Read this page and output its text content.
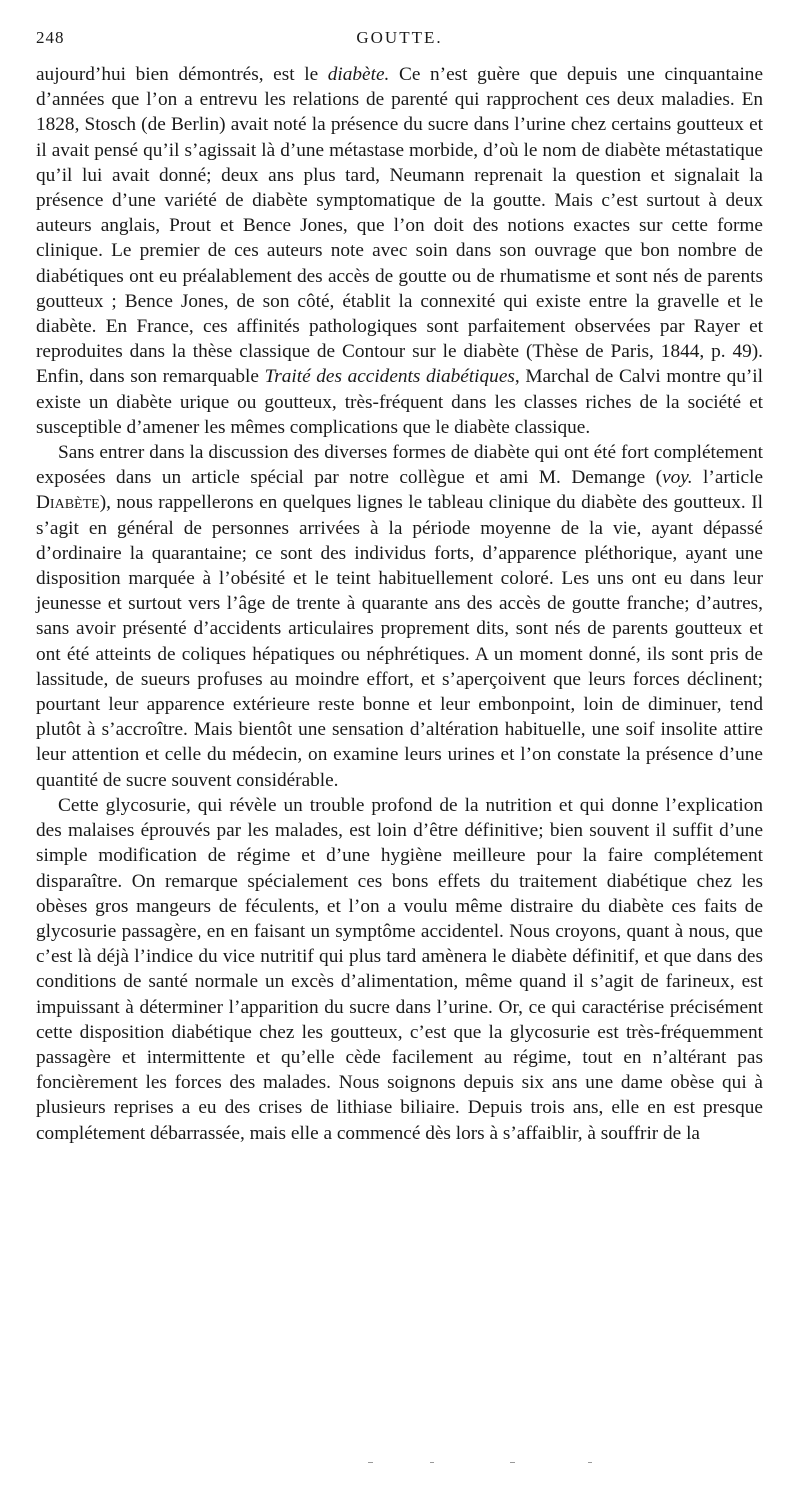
248	GOUTTE.

aujourd’hui bien démontrés, est le diabète. Ce n’est guère que depuis une cinquantaine d’années que l’on a entrevu les relations de parenté qui rapprochent ces deux maladies. En 1828, Stosch (de Berlin) avait noté la présence du sucre dans l’urine chez certains goutteux et il avait pensé qu’il s’agissait là d’une métastase morbide, d’où le nom de diabète métastatique qu’il lui avait donné; deux ans plus tard, Neumann reprenait la question et signalait la présence d’une variété de diabète symptomatique de la goutte. Mais c’est surtout à deux auteurs anglais, Prout et Bence Jones, que l’on doit des notions exactes sur cette forme clinique. Le premier de ces auteurs note avec soin dans son ouvrage que bon nombre de diabétiques ont eu préalablement des accès de goutte ou de rhumatisme et sont nés de parents goutteux ; Bence Jones, de son côté, établit la connexité qui existe entre la gravelle et le diabète. En France, ces affinités pathologiques sont parfaitement observées par Rayer et reproduites dans la thèse classique de Contour sur le diabète (Thèse de Paris, 1844, p. 49). Enfin, dans son remarquable Traité des accidents diabétiques, Marchal de Calvi montre qu’il existe un diabète urique ou goutteux, très-fréquent dans les classes riches de la société et susceptible d’amener les mêmes complications que le diabète classique.

Sans entrer dans la discussion des diverses formes de diabète qui ont été fort complétement exposées dans un article spécial par notre collègue et ami M. Demange (voy. l’article Diabète), nous rappellerons en quelques lignes le tableau clinique du diabète des goutteux. Il s’agit en général de personnes arrivées à la période moyenne de la vie, ayant dépassé d’ordinaire la quarantaine; ce sont des individus forts, d’apparence pléthorique, ayant une disposition marquée à l’obésité et le teint habituellement coloré. Les uns ont eu dans leur jeunesse et surtout vers l’âge de trente à quarante ans des accès de goutte franche; d’autres, sans avoir présenté d’accidents articulaires proprement dits, sont nés de parents goutteux et ont été atteints de coliques hépatiques ou néphrétiques. A un moment donné, ils sont pris de lassitude, de sueurs profuses au moindre effort, et s’aperçoivent que leurs forces déclinent; pourtant leur apparence extérieure reste bonne et leur embonpoint, loin de diminuer, tend plutôt à s’accroître. Mais bientôt une sensation d’altération habituelle, une soif insolite attire leur attention et celle du médecin, on examine leurs urines et l’on constate la présence d’une quantité de sucre souvent considérable.

Cette glycosurie, qui révèle un trouble profond de la nutrition et qui donne l’explication des malaises éprouvés par les malades, est loin d’être définitive; bien souvent il suffit d’une simple modification de régime et d’une hygiène meilleure pour la faire complétement disparaître. On remarque spécialement ces bons effets du traitement diabétique chez les obèses gros mangeurs de féculents, et l’on a voulu même distraire du diabète ces faits de glycosurie passagère, en en faisant un symptôme accidentel. Nous croyons, quant à nous, que c’est là déjà l’indice du vice nutritif qui plus tard amènera le diabète définitif, et que dans des conditions de santé normale un excès d’alimentation, même quand il s’agit de farineux, est impuissant à déterminer l’apparition du sucre dans l’urine. Or, ce qui caractérise précisément cette disposition diabétique chez les goutteux, c’est que la glycosurie est très-fréquemment passagère et intermittente et qu’elle cède facilement au régime, tout en n’altérant pas foncièrement les forces des malades. Nous soignons depuis six ans une dame obèse qui à plusieurs reprises a eu des crises de lithiase biliaire. Depuis trois ans, elle en est presque complétement débarrassée, mais elle a commencé dès lors à s’affaiblir, à souffrir de la
